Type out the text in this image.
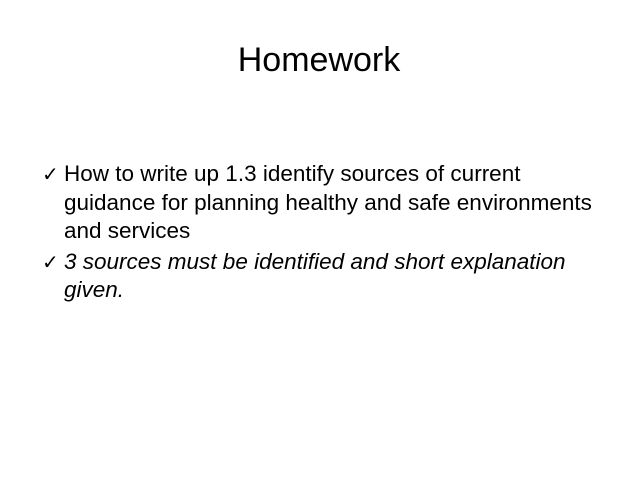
Homework
✓ How to write up 1.3 identify sources of current guidance for planning healthy and safe environments and services
✓ 3 sources must be identified and short explanation given.
